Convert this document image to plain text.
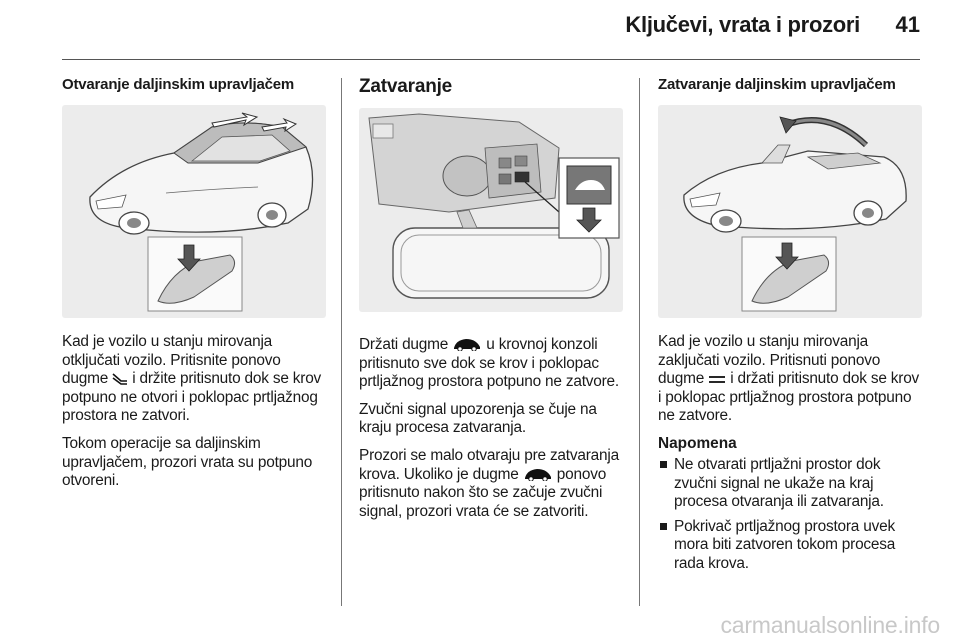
Ključevi, vrata i prozori	41
Otvaranje daljinskim upravljačem

Kad je vozilo u stanju mirovanja otključati vozilo. Pritisnite ponovo dugme i držite pritisnuto dok se krov potpuno ne otvori i poklopac prtljažnog prostora ne zatvori.

Tokom operacije sa daljinskim upravljačem, prozori vrata su potpuno otvoreni.

Zatvaranje

Držati dugme u krovnoj konzoli pritisnuto sve dok se krov i poklopac prtljažnog prostora potpuno ne zatvore.

Zvučni signal upozorenja se čuje na kraju procesa zatvaranja.

Prozori se malo otvaraju pre zatvaranja krova. Ukoliko je dugme ponovo pritisnuto nakon što se začuje zvučni signal, prozori vrata će se zatvoriti.

Zatvaranje daljinskim upravljačem

Kad je vozilo u stanju mirovanja zaključati vozilo. Pritisnuti ponovo dugme i držati pritisnuto dok se krov i poklopac prtljažnog prostora potpuno ne zatvore.

Napomena
Ne otvarati prtljažni prostor dok zvučni signal ne ukaže na kraj procesa otvaranja ili zatvaranja.
Pokrivač prtljažnog prostora uvek mora biti zatvoren tokom procesa rada krova.
carmanualsonline.info
